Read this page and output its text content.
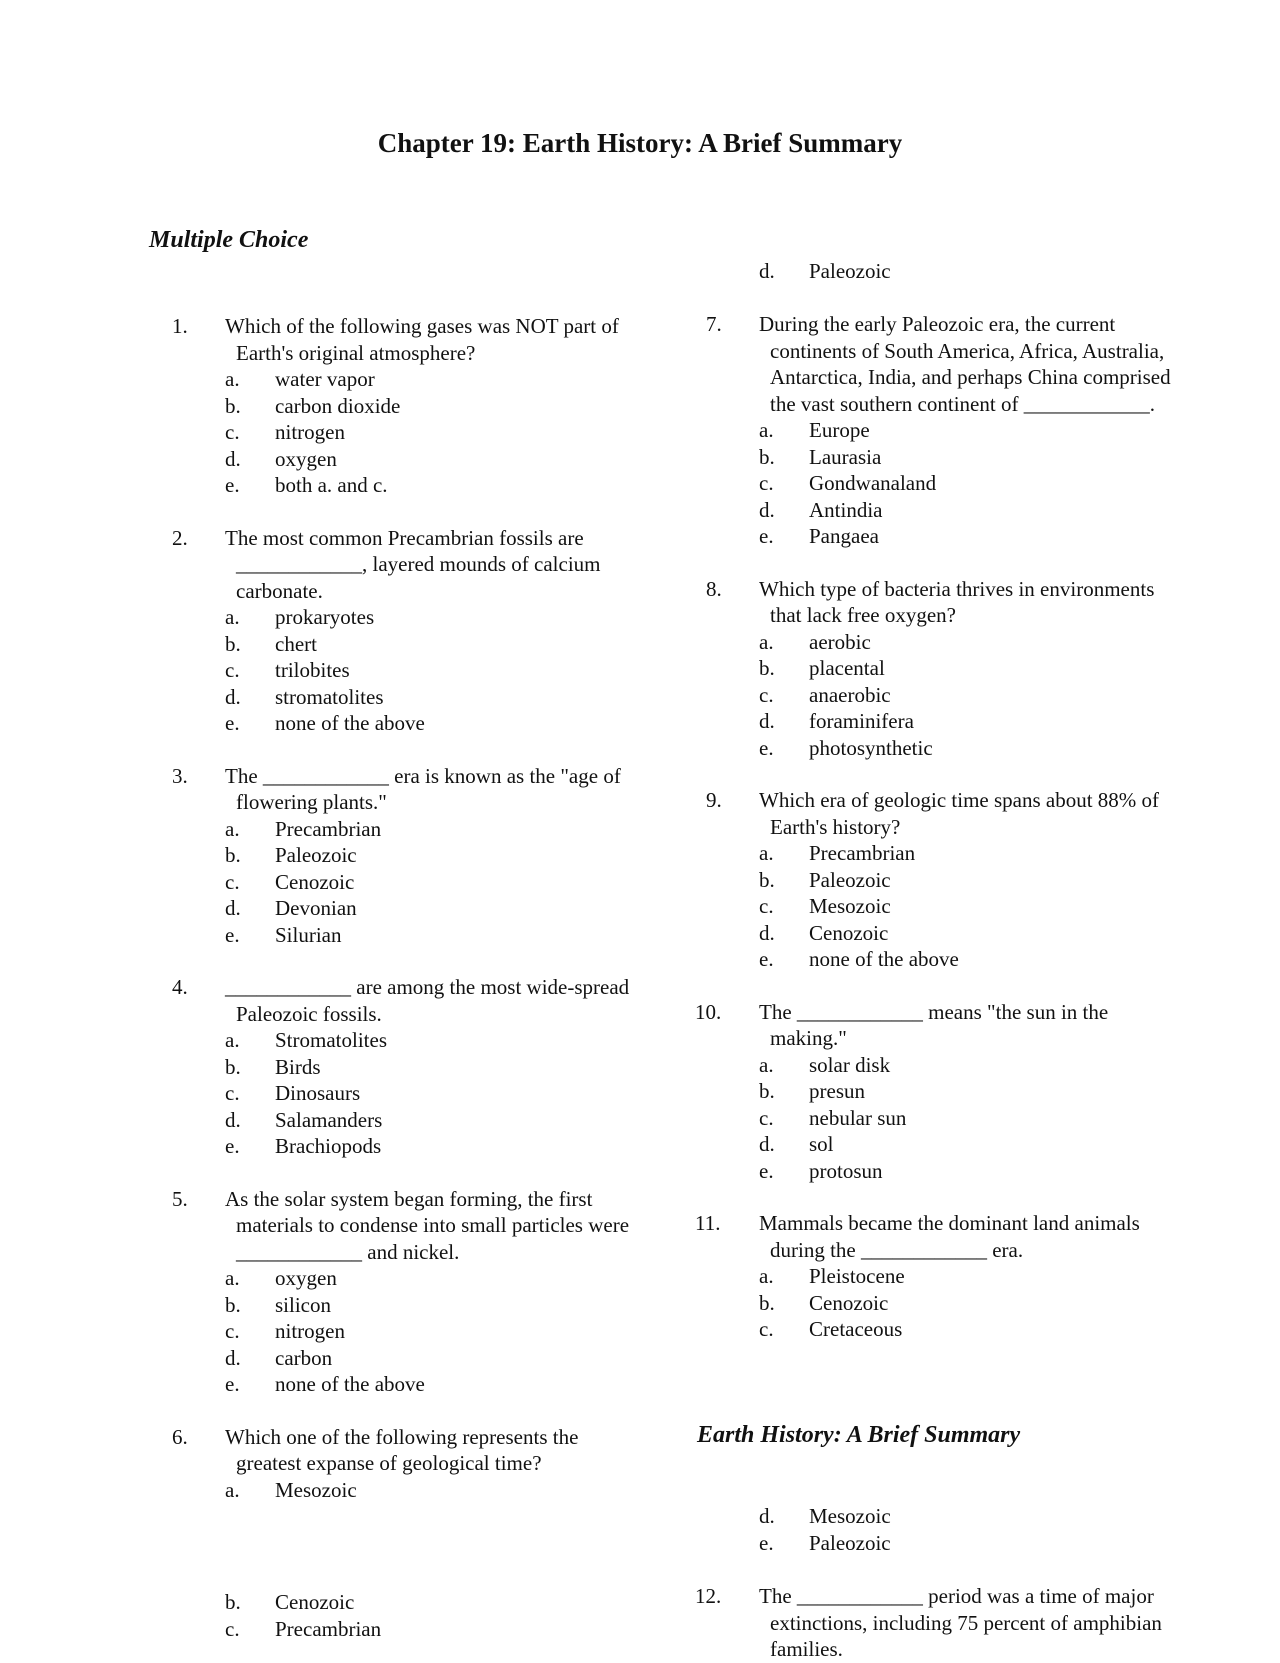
Chapter 19: Earth History: A Brief Summary
Multiple Choice
1.	Which of the following gases was NOT part of Earth's original atmosphere?
a. water vapor
b. carbon dioxide
c. nitrogen
d. oxygen
e. both a. and c.
2.	The most common Precambrian fossils are ____________, layered mounds of calcium carbonate.
a. prokaryotes
b. chert
c. trilobites
d. stromatolites
e. none of the above
3.	The ____________ era is known as the "age of flowering plants."
a. Precambrian
b. Paleozoic
c. Cenozoic
d. Devonian
e. Silurian
4.	____________ are among the most wide-spread Paleozoic fossils.
a. Stromatolites
b. Birds
c. Dinosaurs
d. Salamanders
e. Brachiopods
5.	As the solar system began forming, the first materials to condense into small particles were ____________ and nickel.
a. oxygen
b. silicon
c. nitrogen
d. carbon
e. none of the above
6.	Which one of the following represents the greatest expanse of geological time?
a. Mesozoic
b. Cenozoic
c. Precambrian
d. Paleozoic
7.	During the early Paleozoic era, the current continents of South America, Africa, Australia, Antarctica, India, and perhaps China comprised the vast southern continent of ____________.
a. Europe
b. Laurasia
c. Gondwanaland
d. Antindia
e. Pangaea
8.	Which type of bacteria thrives in environments that lack free oxygen?
a. aerobic
b. placental
c. anaerobic
d. foraminifera
e. photosynthetic
9.	Which era of geologic time spans about 88% of Earth's history?
a. Precambrian
b. Paleozoic
c. Mesozoic
d. Cenozoic
e. none of the above
10.	The ____________ means "the sun in the making."
a. solar disk
b. presun
c. nebular sun
d. sol
e. protosun
11.	Mammals became the dominant land animals during the ____________ era.
a. Pleistocene
b. Cenozoic
c. Cretaceous
Earth History: A Brief Summary
d. Mesozoic
e. Paleozoic
12.	The ____________ period was a time of major extinctions, including 75 percent of amphibian families.
